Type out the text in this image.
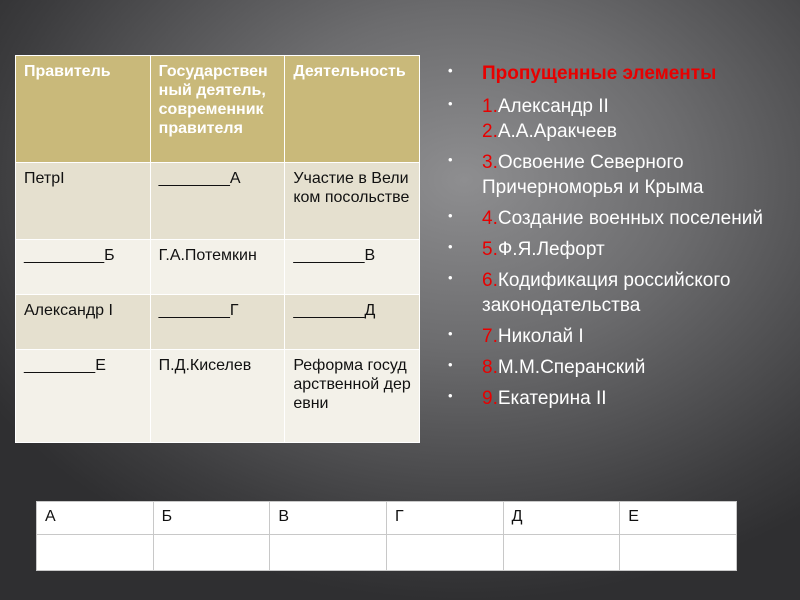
Правитель	Государственный деятель, современник правителя	Деятельность
ПетрI	________А	Участие в Великом посольстве
_________Б	Г.А.Потемкин	________В
Александр I	________Г	________Д
________Е	П.Д.Киселев	Реформа государственной деревни
• Пропущенные элементы
• 1.Александр II
2.А.А.Аракчеев
• 3.Освоение Северного Причерноморья и Крыма
• 4.Создание военных поселений
• 5.Ф.Я.Лефорт
• 6.Кодификация российского законодательства
• 7.Николай I
• 8.М.М.Сперанский
• 9.Екатерина II
А	Б	В	Г	Д	Е
